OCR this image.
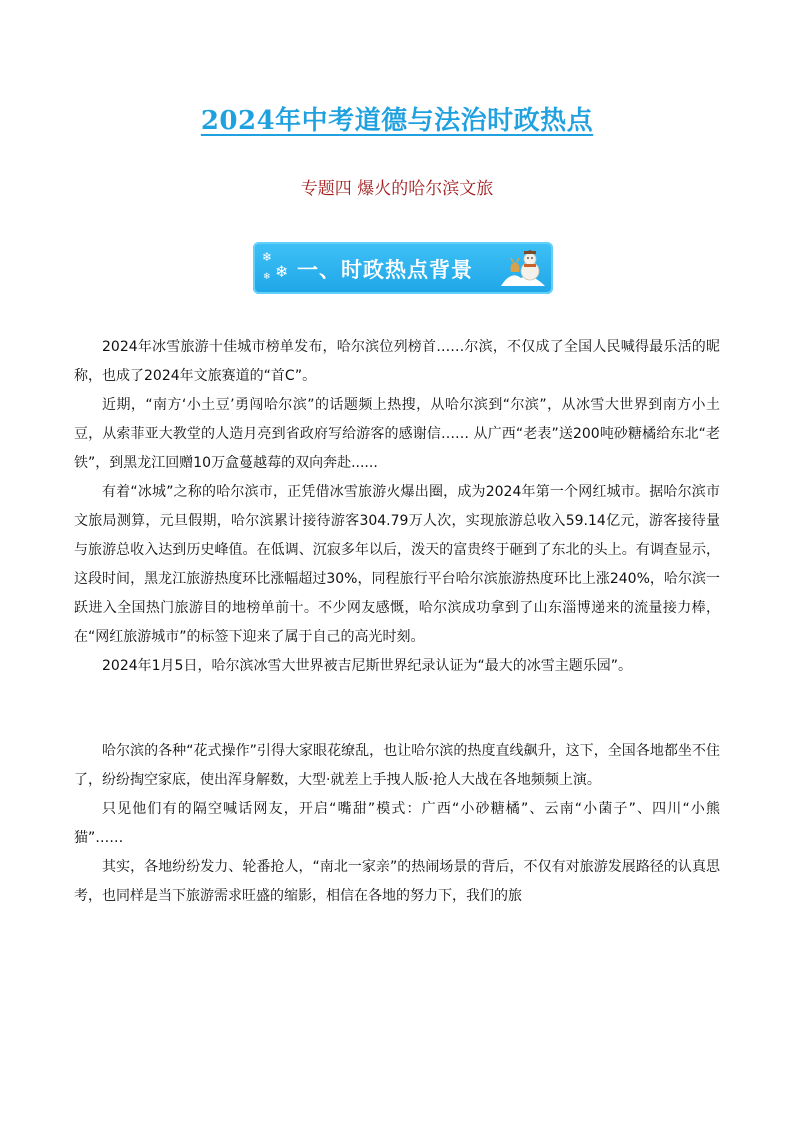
2024年中考道德与法治时政热点
专题四 爆火的哈尔滨文旅
❄
❄
❄ 一、时政热点背景

2024年冰雪旅游十佳城市榜单发布，哈尔滨位列榜首……尔滨，不仅成了全国人民喊得最乐活的昵称，也成了2024年文旅赛道的“首C”。

近期，“南方‘小土豆’勇闯哈尔滨”的话题频上热搜，从哈尔滨到“尔滨”，从冰雪大世界到南方小土豆，从索菲亚大教堂的人造月亮到省政府写给游客的感谢信…… 从广西“老表”送200吨砂糖橘给东北“老铁”，到黑龙江回赠10万盒蔓越莓的双向奔赴......

有着“冰城”之称的哈尔滨市，正凭借冰雪旅游火爆出圈，成为2024年第一个网红城市。据哈尔滨市文旅局测算，元旦假期，哈尔滨累计接待游客304.79万人次，实现旅游总收入59.14亿元，游客接待量与旅游总收入达到历史峰值。在低调、沉寂多年以后，泼天的富贵终于砸到了东北的头上。有调查显示，这段时间，黑龙江旅游热度环比涨幅超过30%，同程旅行平台哈尔滨旅游热度环比上涨240%，哈尔滨一跃进入全国热门旅游目的地榜单前十。不少网友感慨，哈尔滨成功拿到了山东淄博递来的流量接力棒，在“网红旅游城市”的标签下迎来了属于自己的高光时刻。

2024年1月5日，哈尔滨冰雪大世界被吉尼斯世界纪录认证为“最大的冰雪主题乐园”。

哈尔滨的各种“花式操作”引得大家眼花缭乱，也让哈尔滨的热度直线飙升，这下，全国各地都坐不住了，纷纷掏空家底，使出浑身解数，大型·就差上手拽人版·抢人大战在各地频频上演。

只见他们有的隔空喊话网友，开启“嘴甜”模式：广西“小砂糖橘”、云南“小菌子”、四川“小熊猫”……

其实，各地纷纷发力、轮番抢人，“南北一家亲”的热闹场景的背后，不仅有对旅游发展路径的认真思考，也同样是当下旅游需求旺盛的缩影，相信在各地的努力下，我们的旅
